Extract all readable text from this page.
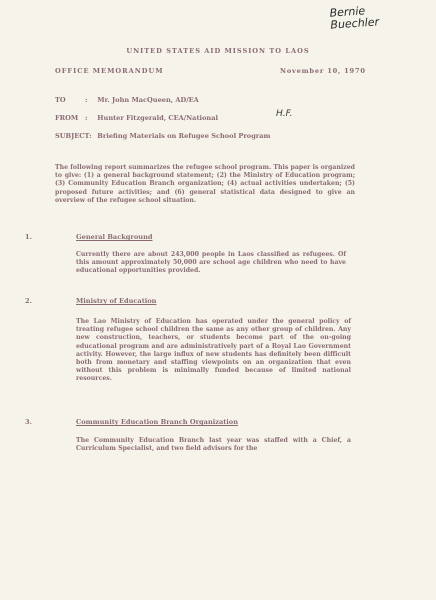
Bernie
Buechler
UNITED STATES AID MISSION TO LAOS
OFFICE MEMORANDUM	November 10, 1970
TO	: Mr. John MacQueen, AD/EA
FROM : Hunter Fitzgerald, CEA/National	H.F.
SUBJECT: Briefing Materials on Refugee School Program
The following report summarizes the refugee school program. This paper is organized to give: (1) a general background statement; (2) the Ministry of Education program; (3) Community Education Branch organization; (4) actual activities undertaken; (5) proposed future activities; and (6) general statistical data designed to give an overview of the refugee school situation.
1.	General Background
Currently there are about 243,000 people in Laos classified as refugees. Of this amount approximately 50,000 are school age children who need to have educational opportunities provided.
2.	Ministry of Education
The Lao Ministry of Education has operated under the general policy of treating refugee school children the same as any other group of children. Any new construction, teachers, or students become part of the on-going educational program and are administratively part of a Royal Lao Government activity. However, the large influx of new students has definitely been difficult both from monetary and staffing viewpoints on an organization that even without this problem is minimally funded because of limited national resources.
3.	Community Education Branch Organization
The Community Education Branch last year was staffed with a Chief, a Curriculum Specialist, and two field advisors for the
